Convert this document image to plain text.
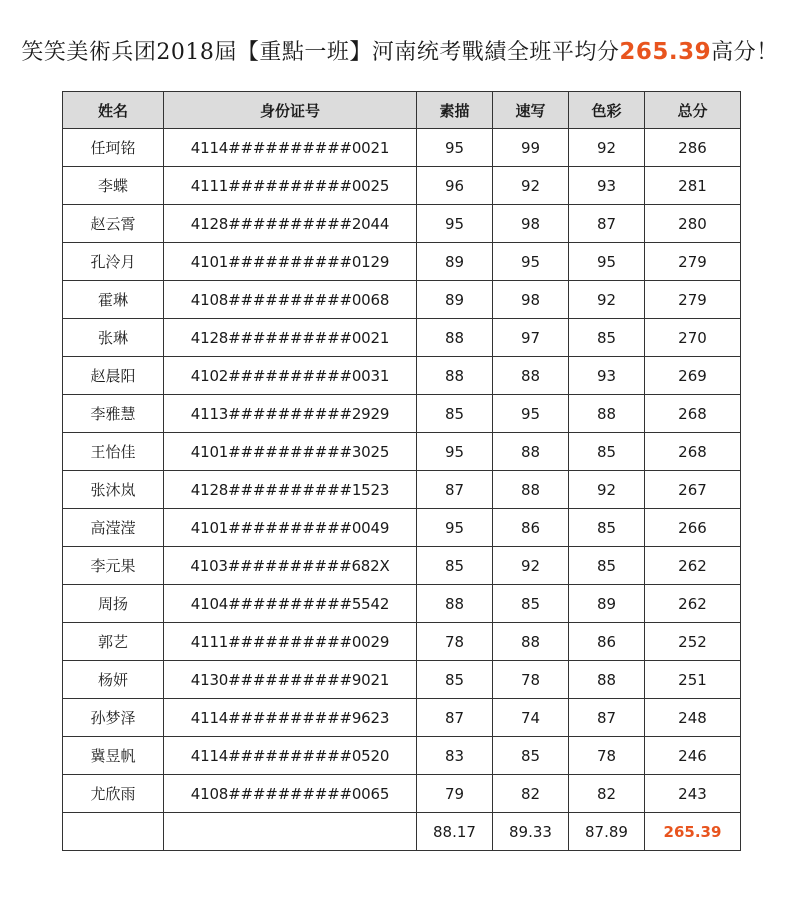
笑笑美術兵团2018屆【重點一班】河南统考戰績全班平均分265.39高分！
姓名	身份证号	素描	速写	色彩	总分
任珂铭	4114##########0021	95	99	92	286
李蝶	4111##########0025	96	92	93	281
赵云霄	4128##########2044	95	98	87	280
孔泠月	4101##########0129	89	95	95	279
霍琳	4108##########0068	89	98	92	279
张琳	4128##########0021	88	97	85	270
赵晨阳	4102##########0031	88	88	93	269
李雅慧	4113##########2929	85	95	88	268
王怡佳	4101##########3025	95	88	85	268
张沐岚	4128##########1523	87	88	92	267
高滢滢	4101##########0049	95	86	85	266
李元果	4103##########682X	85	92	85	262
周扬	4104##########5542	88	85	89	262
郭艺	4111##########0029	78	88	86	252
杨妍	4130##########9021	85	78	88	251
孙梦泽	4114##########9623	87	74	87	248
冀昱帆	4114##########0520	83	85	78	246
尤欣雨	4108##########0065	79	82	82	243
		88.17	89.33	87.89	265.39
